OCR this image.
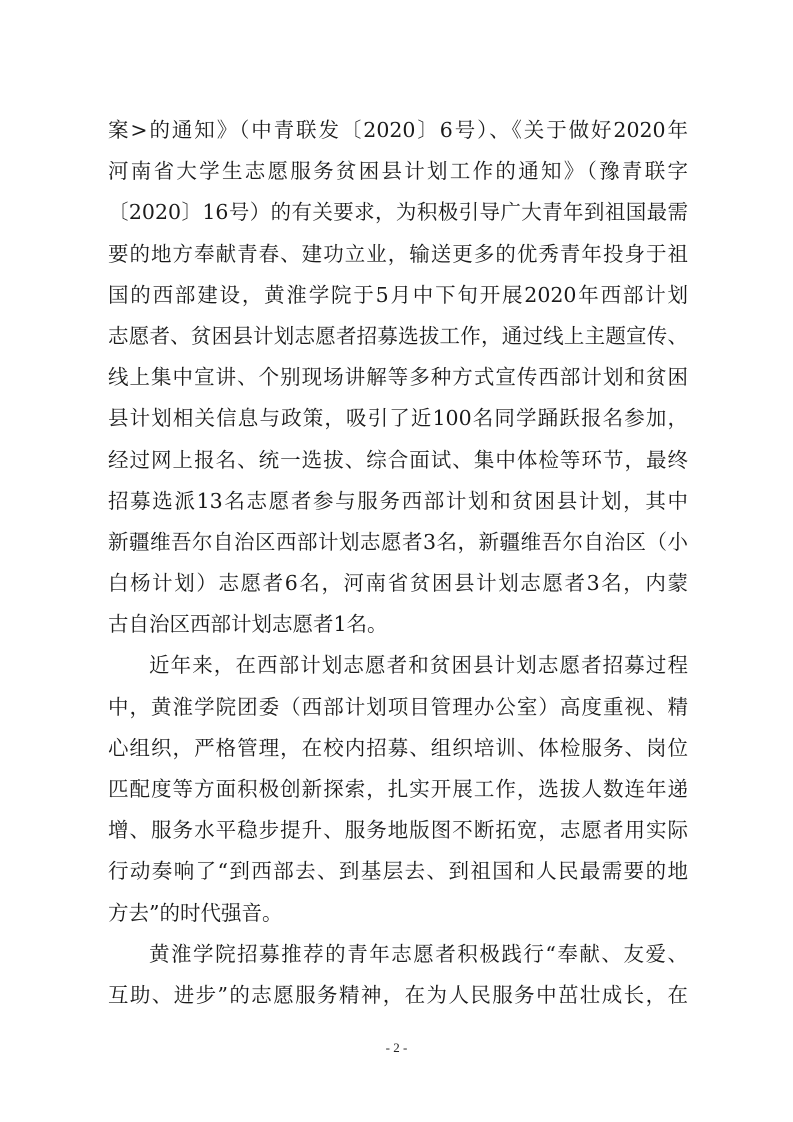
案>的通知》（中青联发〔2020〕6号）、《关于做好2020年
河南省大学生志愿服务贫困县计划工作的通知》（豫青联字
〔2020〕16号）的有关要求，为积极引导广大青年到祖国最需
要的地方奉献青春、建功立业，输送更多的优秀青年投身于祖
国的西部建设，黄淮学院于5月中下旬开展2020年西部计划
志愿者、贫困县计划志愿者招募选拔工作，通过线上主题宣传、
线上集中宣讲、个别现场讲解等多种方式宣传西部计划和贫困
县计划相关信息与政策，吸引了近100名同学踊跃报名参加，
经过网上报名、统一选拔、综合面试、集中体检等环节，最终
招募选派13名志愿者参与服务西部计划和贫困县计划，其中
新疆维吾尔自治区西部计划志愿者3名，新疆维吾尔自治区（小
白杨计划）志愿者6名，河南省贫困县计划志愿者3名，内蒙
古自治区西部计划志愿者1名。
近年来，在西部计划志愿者和贫困县计划志愿者招募过程
中，黄淮学院团委（西部计划项目管理办公室）高度重视、精
心组织，严格管理，在校内招募、组织培训、体检服务、岗位
匹配度等方面积极创新探索，扎实开展工作，选拔人数连年递
增、服务水平稳步提升、服务地版图不断拓宽，志愿者用实际
行动奏响了“到西部去、到基层去、到祖国和人民最需要的地
方去”的时代强音。
黄淮学院招募推荐的青年志愿者积极践行“奉献、友爱、
互助、进步”的志愿服务精神，在为人民服务中茁壮成长，在
- 2 -
